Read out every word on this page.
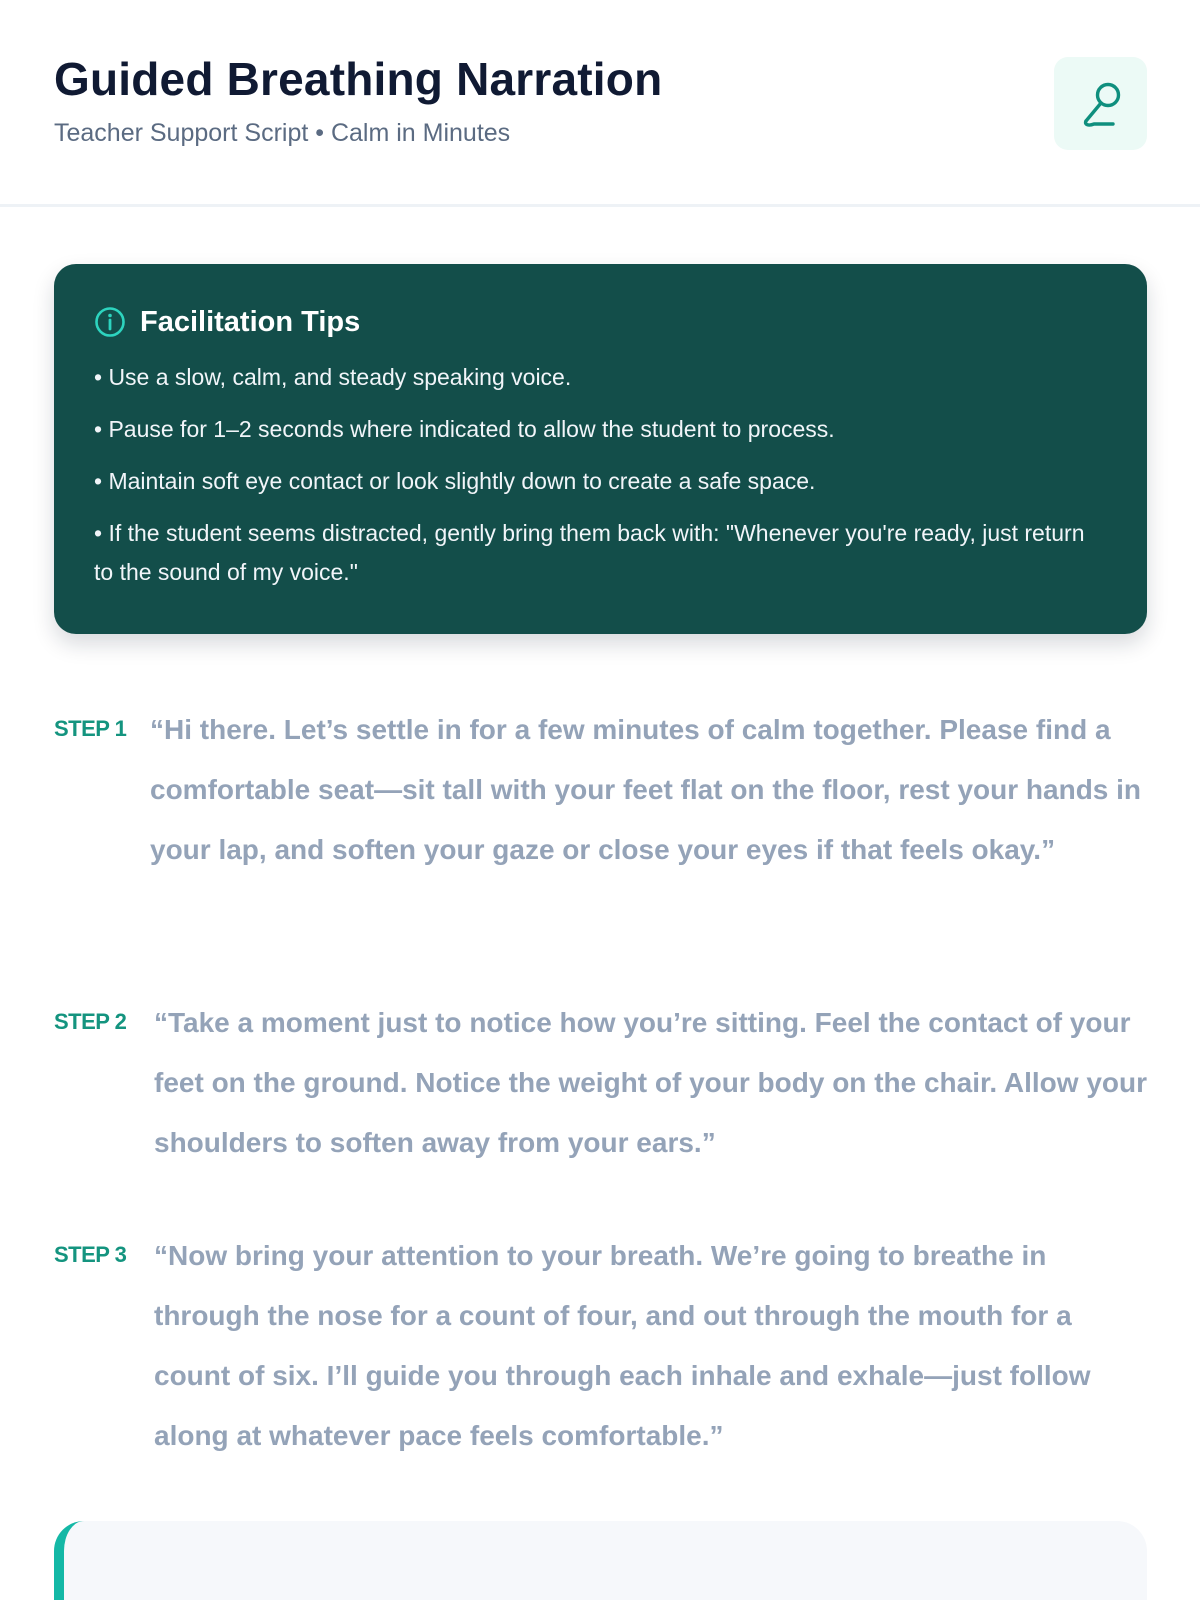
Guided Breathing Narration

Teacher Support Script • Calm in Minutes

Facilitation Tips
• Use a slow, calm, and steady speaking voice.
• Pause for 1–2 seconds where indicated to allow the student to process.
• Maintain soft eye contact or look slightly down to create a safe space.
• If the student seems distracted, gently bring them back with: "Whenever you're ready, just return to the sound of my voice."
STEP 1 “Hi there. Let’s settle in for a few minutes of calm together. Please find a comfortable seat—sit tall with your feet flat on the floor, rest your hands in your lap, and soften your gaze or close your eyes if that feels okay.”

STEP 2 “Take a moment just to notice how you’re sitting. Feel the contact of your feet on the ground. Notice the weight of your body on the chair. Allow your shoulders to soften away from your ears.”

STEP 3 “Now bring your attention to your breath. We’re going to breathe in through the nose for a count of four, and out through the mouth for a count of six. I’ll guide you through each inhale and exhale—just follow along at whatever pace feels comfortable.”
